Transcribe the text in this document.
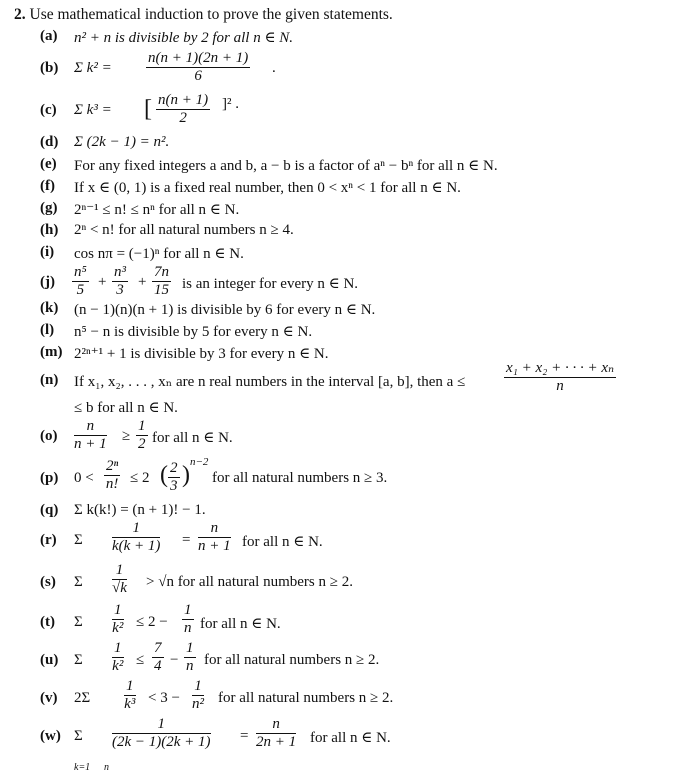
2. Use mathematical induction to prove the given statements.
(a) n² + n is divisible by 2 for all n ∈ N.
(b) Σ $k^2 = \frac{n(n + 1)(2n + 1)}{6}$ .
(c) Σ k³ = [ $\frac{n(n + 1)}{2} ]^2$ .
(d) Σ (2k − 1) = n².
(e) For any fixed integers a and b, a − b is a factor of aⁿ − bⁿ for all n ∈ N.
(f) If x ∈ (0, 1) is a fixed real number, then 0 < xⁿ < 1 for all n ∈ N.
(g) 2ⁿ⁻¹ ≤ n! ≤ nⁿ for all n ∈ N.
(h) 2ⁿ < n! for all natural numbers n ≥ 4.
(i) cos nπ = (−1)ⁿ for all n ∈ N.
$(j) \frac{\text{n⁵}}{5} + \frac{\text{n³}}{3} + \frac{7n}{15}$ is an integer for every n ∈ N.
(k) (n − 1)(n)(n + 1) is divisible by 6 for every n ∈ N.
(l) n⁵ − n is divisible by 5 for every n ∈ N.
(m) 2²ⁿ⁺¹ + 1 is divisible by 3 for every n ∈ N.
(n) If x₁, x₂, . . . , xₙ are n real numbers in the interval [a, b], then a ≤	$\frac{\text{x₁ + x₂ + · · · + xₙ}}{n}$
≤ b for all n ∈ N.
$(o) \frac{n}{n + 1} \ge \frac{1}{2}$ for all n ∈ N.
(p) $0 < \frac{\text{2ⁿ}}{n!} \le 2$ ( $\frac{2}{3}$ ) n−2
for all natural numbers n ≥ 3.
(q) Σ k(k!) = (n + 1)! − 1.
(r) Σ $\frac{1}{k(k + 1)} = \frac{n}{n + 1}$ for all n ∈ N.
(s) Σ $\frac{1}{√k} > √n$ for all natural numbers n ≥ 2.
(t) Σ $\frac{1}{\text{k²}} \le 2 - \frac{1}{n}$ for all n ∈ N.
(u) Σ $\frac{1}{\text{k²}} \le \frac{7}{4} - \frac{1}{n}$ for all natural numbers n ≥ 2.
(v) $2\Sigma \frac{1}{\text{k³}} < 3 - \frac{1}{\text{n²}}$ for all natural numbers n ≥ 2.
(w) Σ $\frac{1}{(2k - 1)(2k + 1)} = \frac{n}{2n + 1}$ for all n ∈ N.
k=1 n
